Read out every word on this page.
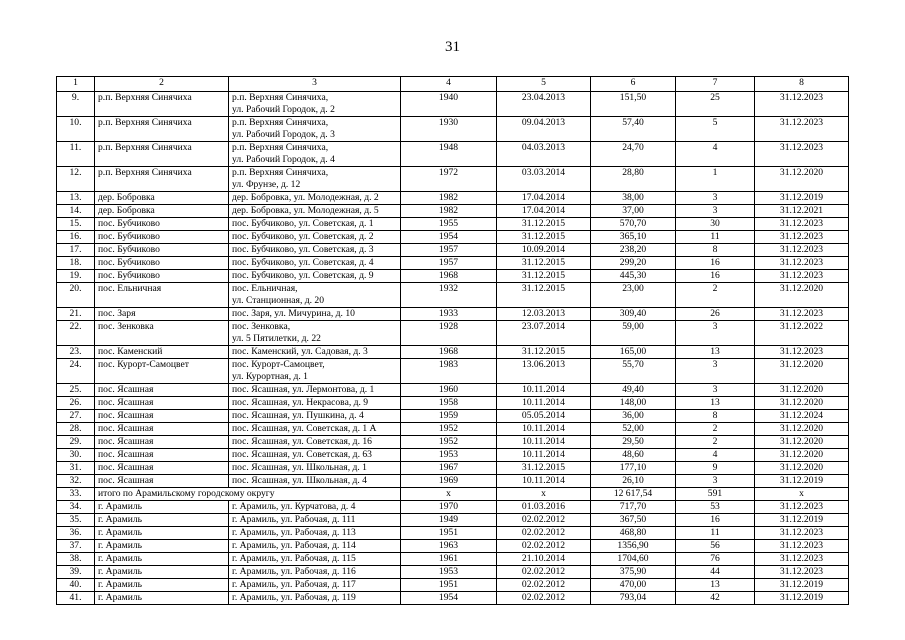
31
1	2	3	4	5	6	7	8
9.	р.п. Верхняя Синячиха	р.п. Верхняя Синячиха,
ул. Рабочий Городок, д. 2	1940	23.04.2013	151,50	25	31.12.2023
10.	р.п. Верхняя Синячиха	р.п. Верхняя Синячиха,
ул. Рабочий Городок, д. 3	1930	09.04.2013	57,40	5	31.12.2023
11.	р.п. Верхняя Синячиха	р.п. Верхняя Синячиха,
ул. Рабочий Городок, д. 4	1948	04.03.2013	24,70	4	31.12.2023
12.	р.п. Верхняя Синячиха	р.п. Верхняя Синячиха,
ул. Фрунзе, д. 12	1972	03.03.2014	28,80	1	31.12.2020
13.	дер. Бобровка	дер. Бобровка, ул. Молодежная, д. 2	1982	17.04.2014	38,00	3	31.12.2019
14.	дер. Бобровка	дер. Бобровка, ул. Молодежная, д. 5	1982	17.04.2014	37,00	3	31.12.2021
15.	пос. Бубчиково	пос. Бубчиково, ул. Советская, д. 1	1955	31.12.2015	570,70	30	31.12.2023
16.	пос. Бубчиково	пос. Бубчиково, ул. Советская, д. 2	1954	31.12.2015	365,10	11	31.12.2023
17.	пос. Бубчиково	пос. Бубчиково, ул. Советская, д. 3	1957	10.09.2014	238,20	8	31.12.2023
18.	пос. Бубчиково	пос. Бубчиково, ул. Советская, д. 4	1957	31.12.2015	299,20	16	31.12.2023
19.	пос. Бубчиково	пос. Бубчиково, ул. Советская, д. 9	1968	31.12.2015	445,30	16	31.12.2023
20.	пос. Ельничная	пос. Ельничная,
ул. Станционная, д. 20	1932	31.12.2015	23,00	2	31.12.2020
21.	пос. Заря	пос. Заря, ул. Мичурина, д. 10	1933	12.03.2013	309,40	26	31.12.2023
22.	пос. Зенковка	пос. Зенковка,
ул. 5 Пятилетки, д. 22	1928	23.07.2014	59,00	3	31.12.2022
23.	пос. Каменский	пос. Каменский, ул. Садовая, д. 3	1968	31.12.2015	165,00	13	31.12.2023
24.	пос. Курорт-Самоцвет	пос. Курорт-Самоцвет,
ул. Курортная, д. 1	1983	13.06.2013	55,70	3	31.12.2020
25.	пос. Ясашная	пос. Ясашная, ул. Лермонтова, д. 1	1960	10.11.2014	49,40	3	31.12.2020
26.	пос. Ясашная	пос. Ясашная, ул. Некрасова, д. 9	1958	10.11.2014	148,00	13	31.12.2020
27.	пос. Ясашная	пос. Ясашная, ул. Пушкина, д. 4	1959	05.05.2014	36,00	8	31.12.2024
28.	пос. Ясашная	пос. Ясашная, ул. Советская, д. 1 А	1952	10.11.2014	52,00	2	31.12.2020
29.	пос. Ясашная	пос. Ясашная, ул. Советская, д. 16	1952	10.11.2014	29,50	2	31.12.2020
30.	пос. Ясашная	пос. Ясашная, ул. Советская, д. 63	1953	10.11.2014	48,60	4	31.12.2020
31.	пос. Ясашная	пос. Ясашная, ул. Школьная, д. 1	1967	31.12.2015	177,10	9	31.12.2020
32.	пос. Ясашная	пос. Ясашная, ул. Школьная, д. 4	1969	10.11.2014	26,10	3	31.12.2019
33.	итого по Арамильскому городскому округу		x	x	12 617,54	591	x
34.	г. Арамиль	г. Арамиль, ул. Курчатова, д. 4	1970	01.03.2016	717,70	53	31.12.2023
35.	г. Арамиль	г. Арамиль, ул. Рабочая, д. 111	1949	02.02.2012	367,50	16	31.12.2019
36.	г. Арамиль	г. Арамиль, ул. Рабочая, д. 113	1951	02.02.2012	468,80	11	31.12.2023
37.	г. Арамиль	г. Арамиль, ул. Рабочая, д. 114	1963	02.02.2012	1356,90	56	31.12.2023
38.	г. Арамиль	г. Арамиль, ул. Рабочая, д. 115	1961	21.10.2014	1704,60	76	31.12.2023
39.	г. Арамиль	г. Арамиль, ул. Рабочая, д. 116	1953	02.02.2012	375,90	44	31.12.2023
40.	г. Арамиль	г. Арамиль, ул. Рабочая, д. 117	1951	02.02.2012	470,00	13	31.12.2019
41.	г. Арамиль	г. Арамиль, ул. Рабочая, д. 119	1954	02.02.2012	793,04	42	31.12.2019
